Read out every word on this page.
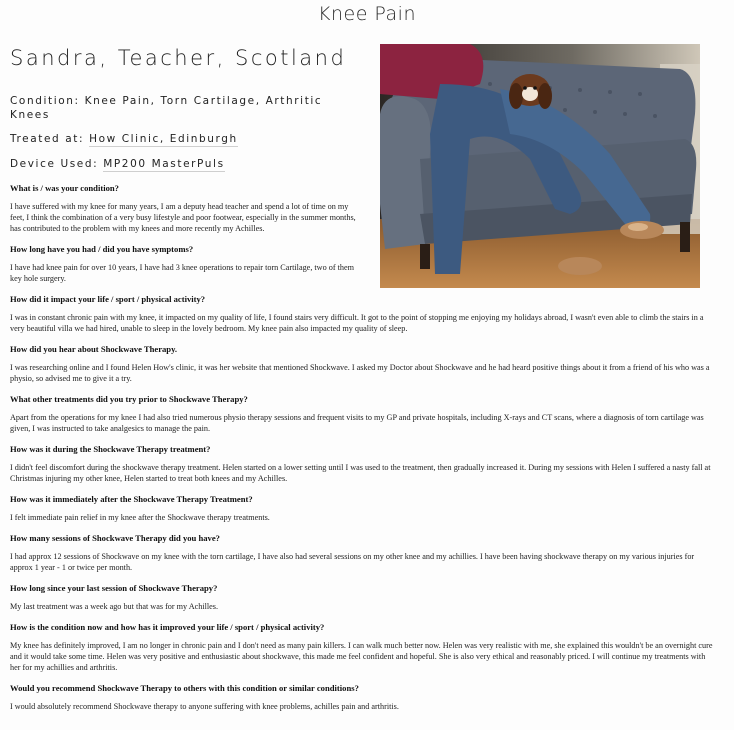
Knee Pain
Sandra, Teacher, Scotland
Condition: Knee Pain, Torn Cartilage, Arthritic Knees
Treated at: How Clinic, Edinburgh
Device Used: MP200 MasterPuls

What is / was your condition?

I have suffered with my knee for many years, I am a deputy head teacher and spend a lot of time on my feet, I think the combination of a very busy lifestyle and poor footwear, especially in the summer months, has contributed to the problem with my knees and more recently my Achilles.

How long have you had / did you have symptoms?

I have had knee pain for over 10 years, I have had 3 knee operations to repair torn Cartilage, two of them key hole surgery.

How did it impact your life / sport / physical activity?

I was in constant chronic pain with my knee, it impacted on my quality of life, I found stairs very difficult. It got to the point of stopping me enjoying my holidays abroad, I wasn't even able to climb the stairs in a very beautiful villa we had hired, unable to sleep in the lovely bedroom. My knee pain also impacted my quality of sleep.

How did you hear about Shockwave Therapy.

I was researching online and I found Helen How's clinic, it was her website that mentioned Shockwave. I asked my Doctor about Shockwave and he had heard positive things about it from a friend of his who was a physio, so advised me to give it a try.

What other treatments did you try prior to Shockwave Therapy?

Apart from the operations for my knee I had also tried numerous physio therapy sessions and frequent visits to my GP and private hospitals, including X-rays and CT scans, where a diagnosis of torn cartilage was given, I was instructed to take analgesics to manage the pain.

How was it during the Shockwave Therapy treatment?

I didn't feel discomfort during the shockwave therapy treatment. Helen started on a lower setting until I was used to the treatment, then gradually increased it. During my sessions with Helen I suffered a nasty fall at Christmas injuring my other knee, Helen started to treat both knees and my Achilles.

How was it immediately after the Shockwave Therapy Treatment?

I felt immediate pain relief in my knee after the Shockwave therapy treatments.

How many sessions of Shockwave Therapy did you have?

I had approx 12 sessions of Shockwave on my knee with the torn cartilage, I have also had several sessions on my other knee and my achillies. I have been having shockwave therapy on my various injuries for approx 1 year - 1 or twice per month.

How long since your last session of Shockwave Therapy?

My last treatment was a week ago but that was for my Achilles.

How is the condition now and how has it improved your life / sport / physical activity?

My knee has definitely improved, I am no longer in chronic pain and I don't need as many pain killers. I can walk much better now. Helen was very realistic with me, she explained this wouldn't be an overnight cure and it would take some time. Helen was very positive and enthusiastic about shockwave, this made me feel confident and hopeful. She is also very ethical and reasonably priced. I will continue my treatments with her for my achillies and arthritis.

Would you recommend Shockwave Therapy to others with this condition or similar conditions?

I would absolutely recommend Shockwave therapy to anyone suffering with knee problems, achilles pain and arthritis.
